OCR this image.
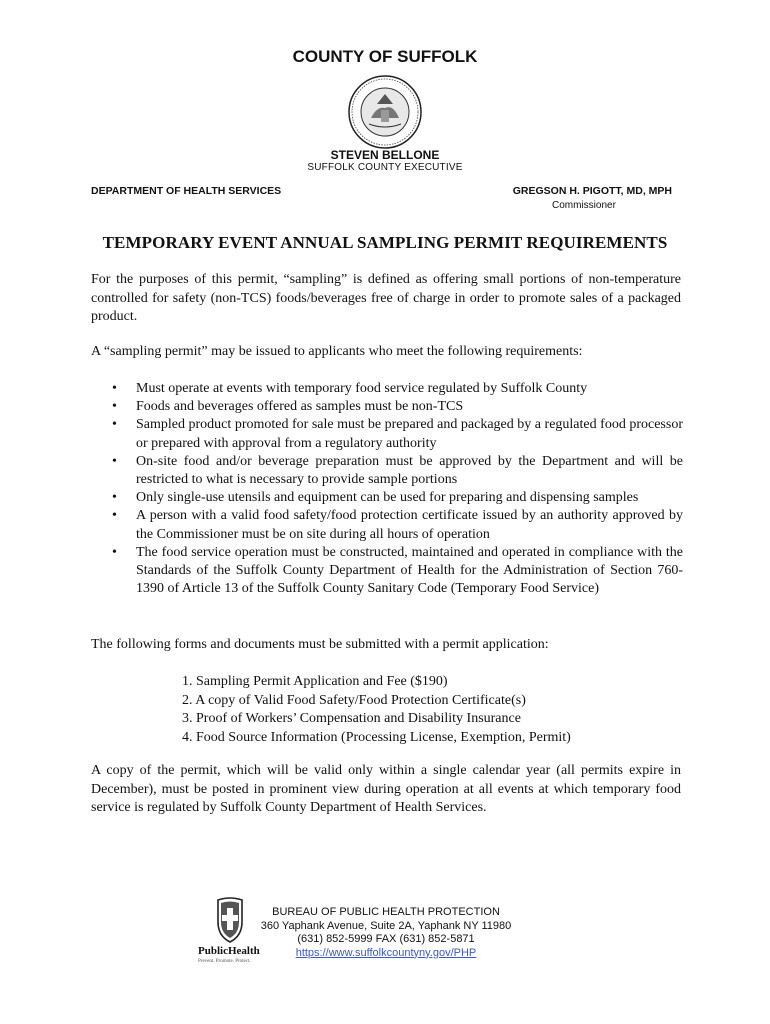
COUNTY OF SUFFOLK
STEVEN BELLONE
SUFFOLK COUNTY EXECUTIVE
DEPARTMENT OF HEALTH SERVICES	GREGSON H. PIGOTT, MD, MPH
Commissioner
TEMPORARY EVENT ANNUAL SAMPLING PERMIT REQUIREMENTS
For the purposes of this permit, “sampling” is defined as offering small portions of non-temperature controlled for safety (non-TCS) foods/beverages free of charge in order to promote sales of a packaged product.
A “sampling permit” may be issued to applicants who meet the following requirements:
• Must operate at events with temporary food service regulated by Suffolk County
• Foods and beverages offered as samples must be non-TCS
• Sampled product promoted for sale must be prepared and packaged by a regulated food processor or prepared with approval from a regulatory authority
• On-site food and/or beverage preparation must be approved by the Department and will be restricted to what is necessary to provide sample portions
• Only single-use utensils and equipment can be used for preparing and dispensing samples
• A person with a valid food safety/food protection certificate issued by an authority approved by the Commissioner must be on site during all hours of operation
• The food service operation must be constructed, maintained and operated in compliance with the Standards of the Suffolk County Department of Health for the Administration of Section 760-1390 of Article 13 of the Suffolk County Sanitary Code (Temporary Food Service)
The following forms and documents must be submitted with a permit application:
1. Sampling Permit Application and Fee ($190)
2. A copy of Valid Food Safety/Food Protection Certificate(s)
3. Proof of Workers’ Compensation and Disability Insurance
4. Food Source Information (Processing License, Exemption, Permit)
A copy of the permit, which will be valid only within a single calendar year (all permits expire in December), must be posted in prominent view during operation at all events at which temporary food service is regulated by Suffolk County Department of Health Services.
PublicHealth
Prevent. Promote. Protect.
BUREAU OF PUBLIC HEALTH PROTECTION
360 Yaphank Avenue, Suite 2A, Yaphank NY 11980
(631) 852-5999 FAX (631) 852-5871
https://www.suffolkcountyny.gov/PHP
